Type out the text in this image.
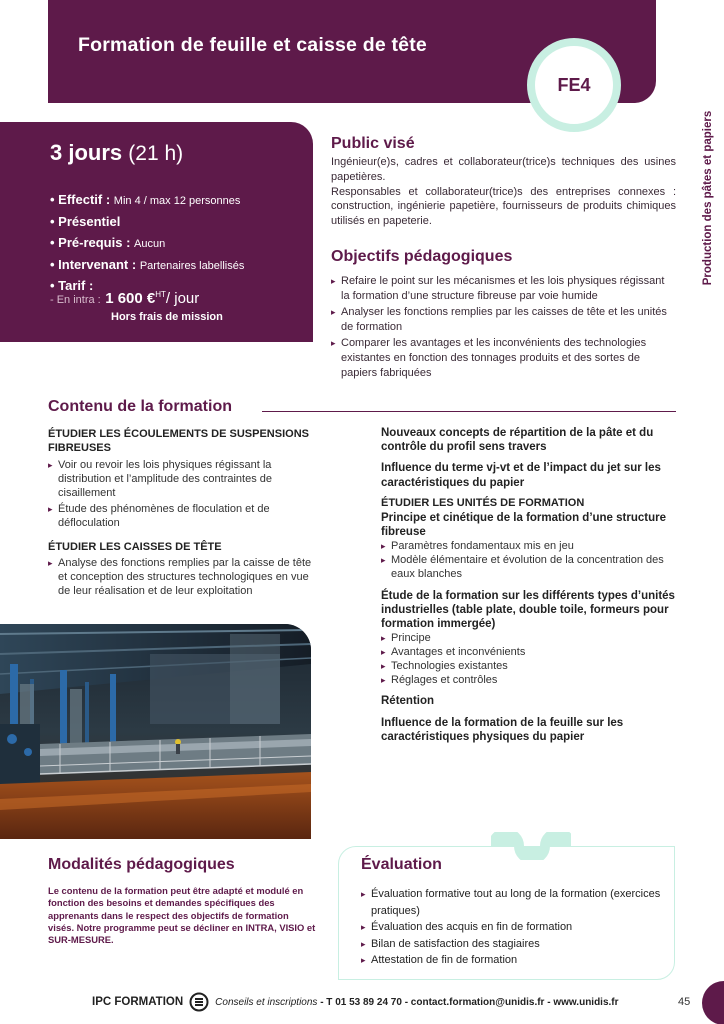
Formation de feuille et caisse de tête
FE4
Production des pâtes et papiers
3 jours (21 h)
• Effectif : Min 4 / max 12 personnes
• Présentiel
• Pré-requis : Aucun
• Intervenant : Partenaires labellisés
• Tarif :
- En intra : 1 600 €$^{HT}$/ jour
Hors frais de mission
Public visé
Ingénieur(e)s, cadres et collaborateur(trice)s techniques des usines papetières.
Responsables et collaborateur(trice)s des entreprises connexes : construction, ingénierie papetière, fournisseurs de produits chimiques utilisés en papeterie.
Objectifs pédagogiques
▸ Refaire le point sur les mécanismes et les lois physiques régissant la formation d’une structure fibreuse par voie humide
▸ Analyser les fonctions remplies par les caisses de tête et les unités de formation
▸ Comparer les avantages et les inconvénients des technologies existantes en fonction des tonnages produits et des sortes de papiers fabriquées
Contenu de la formation
ÉTUDIER LES ÉCOULEMENTS DE SUSPENSIONS FIBREUSES
▸ Voir ou revoir les lois physiques régissant la distribution et l’amplitude des contraintes de cisaillement
▸ Étude des phénomènes de floculation et de défloculation
ÉTUDIER LES CAISSES DE TÊTE
▸ Analyse des fonctions remplies par la caisse de tête et conception des structures technologiques en vue de leur réalisation et de leur exploitation
Nouveaux concepts de répartition de la pâte et du contrôle du profil sens travers
Influence du terme vj-vt et de l’impact du jet sur les caractéristiques du papier
ÉTUDIER LES UNITÉS DE FORMATION
Principe et cinétique de la formation d’une structure fibreuse
▸ Paramètres fondamentaux mis en jeu
▸ Modèle élémentaire et évolution de la concentration des eaux blanches
Étude de la formation sur les différents types d’unités industrielles (table plate, double toile, formeurs pour formation immergée)
▸ Principe
▸ Avantages et inconvénients
▸ Technologies existantes
▸ Réglages et contrôles
Rétention
Influence de la formation de la feuille sur les caractéristiques physiques du papier
Modalités pédagogiques
Le contenu de la formation peut être adapté et modulé en fonction des besoins et demandes spécifiques des apprenants dans le respect des objectifs de formation visés. Notre programme peut se décliner en INTRA, VISIO et SUR-MESURE.
Évaluation
▸ Évaluation formative tout au long de la formation (exercices pratiques)
▸ Évaluation des acquis en fin de formation
▸ Bilan de satisfaction des stagiaires
▸ Attestation de fin de formation
IPC FORMATION	Conseils et inscriptions - T 01 53 89 24 70 - contact.formation@unidis.fr - www.unidis.fr	45
